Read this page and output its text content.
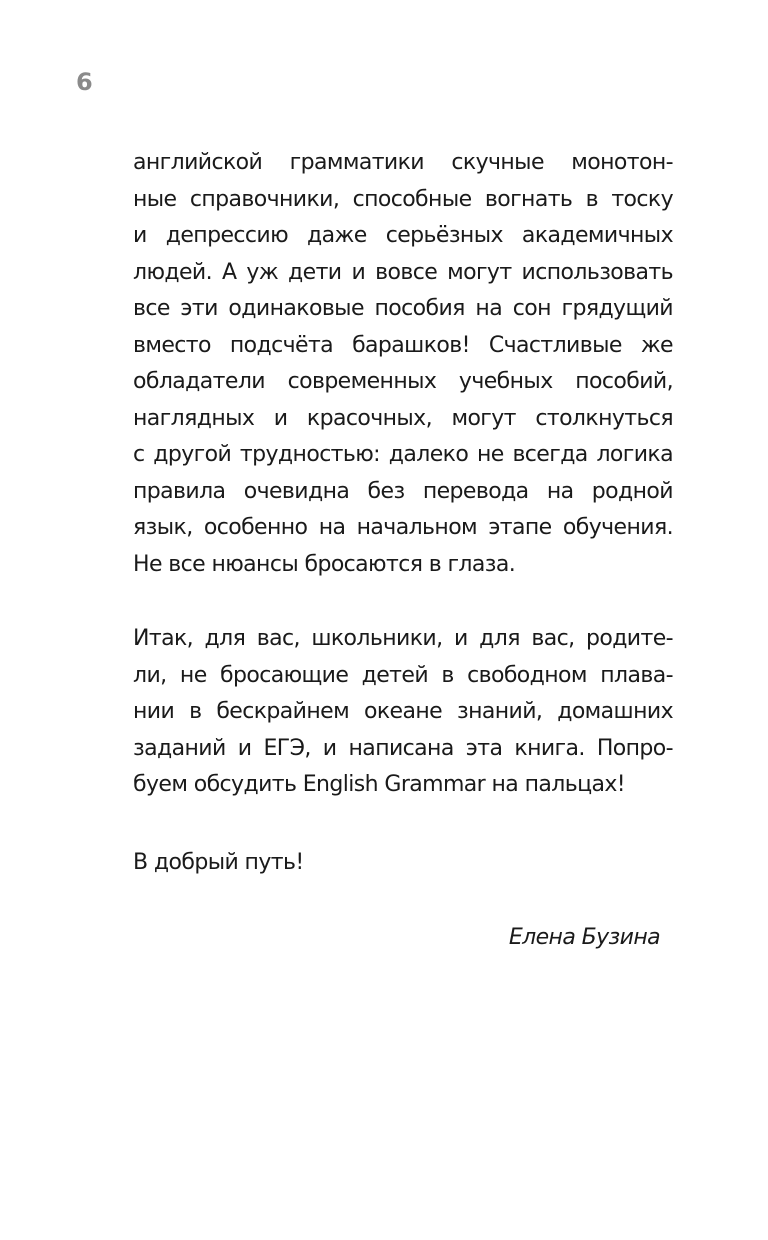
6
английской грамматики скучные монотон-
ные справочники, способные вогнать в тоску
и депрессию даже серьёзных академичных
людей. А уж дети и вовсе могут использовать
все эти одинаковые пособия на сон грядущий
вместо подсчёта барашков! Счастливые же
обладатели современных учебных пособий,
наглядных и красочных, могут столкнуться
с другой трудностью: далеко не всегда логика
правила очевидна без перевода на родной
язык, особенно на начальном этапе обучения.
Не все нюансы бросаются в глаза.
Итак, для вас, школьники, и для вас, родите-
ли, не бросающие детей в свободном плава-
нии в бескрайнем океане знаний, домашних
заданий и ЕГЭ, и написана эта книга. Попро-
буем обсудить English Grammar на пальцах!
В добрый путь!
Елена Бузина
